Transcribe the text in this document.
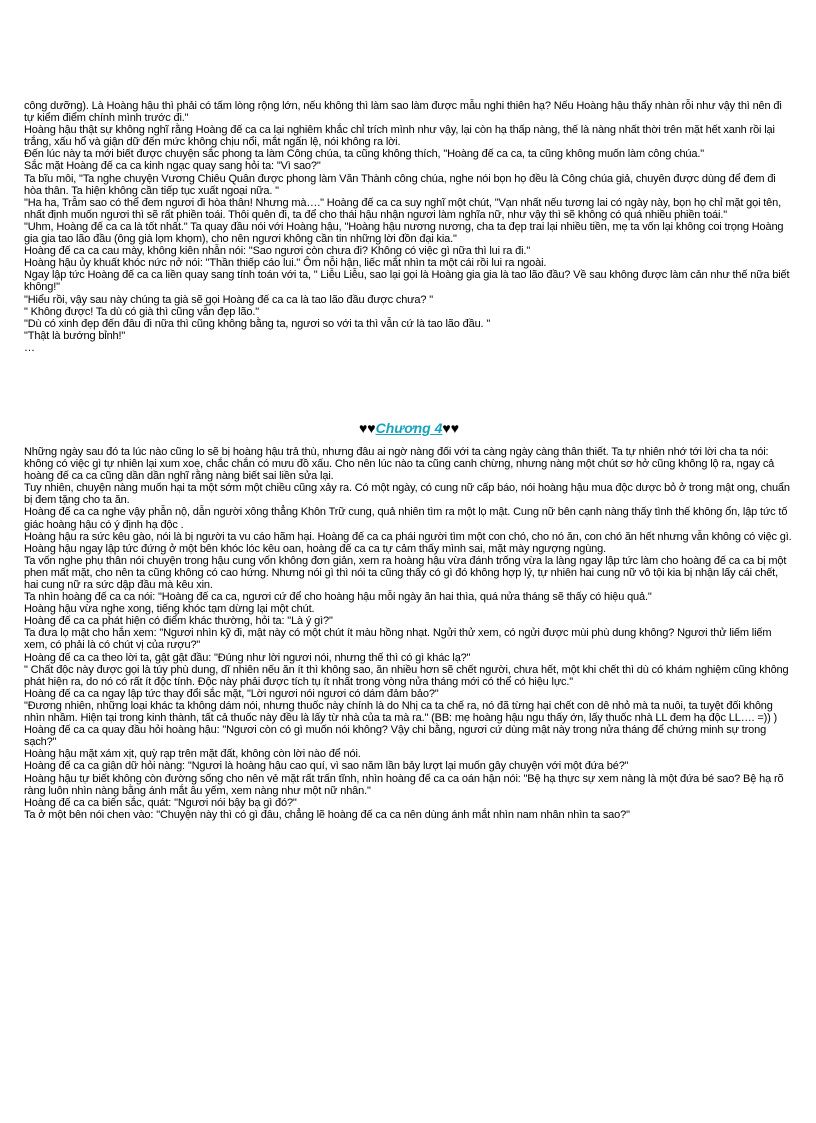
công dưỡng). Là Hoàng hậu thì phải có tấm lòng rộng lớn, nếu không thì làm sao làm được mẫu nghi thiên hạ? Nếu Hoàng hậu thấy nhàn rỗi như vậy thì nên đi tự kiểm điểm chính mình trước đi."

Hoàng hậu thật sự không nghĩ rằng Hoàng đế ca ca lại nghiêm khắc chỉ trích mình như vậy, lại còn hạ thấp nàng, thế là nàng nhất thời trên mặt hết xanh rồi lại trắng, xấu hổ và giận dữ đến mức không chịu nổi, mắt ngấn lệ, nói không ra lời.

Đến lúc này ta mới biết được chuyện sắc phong ta làm Công chúa, ta cũng không thích, "Hoàng đế ca ca, ta cũng không muốn làm công chúa."

Sắc mặt Hoàng đế ca ca kinh ngạc quay sang hỏi ta: "Vì sao?"

Ta bĩu môi, "Ta nghe chuyện Vương Chiêu Quân được phong làm Văn Thành công chúa, nghe nói bọn họ đều là Công chúa giả, chuyên được dùng để đem đi hòa thân. Ta hiện không cần tiếp tục xuất ngoại nữa. "

"Ha ha, Trẫm sao có thể đem ngươi đi hòa thân! Nhưng mà…." Hoàng đế ca ca suy nghĩ một chút, "Vạn nhất nếu tương lai có ngày này, bọn họ chỉ mặt gọi tên, nhất định muốn ngươi thì sẽ rất phiền toái. Thôi quên đi, ta để cho thái hậu nhận ngươi làm nghĩa nữ, như vậy thì sẽ không có quá nhiều phiền toái."

"Uhm, Hoàng đế ca ca là tốt nhất." Ta quay đầu nói với Hoàng hậu, "Hoàng hậu nương nương, cha ta đẹp trai lại nhiều tiền, mẹ ta vốn lại không coi trọng Hoàng gia gia tao lão đầu (ông già lọm khọm), cho nên ngươi không cần tin những lời đồn đại kia."

Hoàng đế ca ca cau mày, không kiên nhẫn nói: "Sao ngươi còn chưa đi? Không có việc gì nữa thì lui ra đi."

Hoàng hậu ủy khuất khóc nức nở nói: "Thần thiếp cáo lui." Ôm nỗi hận, liếc mắt nhìn ta một cái rồi lui ra ngoài.

Ngay lập tức Hoàng đế ca ca liền quay sang tính toán với ta, " Liễu Liễu, sao lại gọi là Hoàng gia gia là tao lão đầu? Về sau không được làm cản như thế nữa biết không!"

"Hiểu rồi, vậy sau này chúng ta già sẽ gọi Hoàng đế ca ca là tao lão đầu được chưa? "

" Không được! Ta dù có già thì cũng vẫn đẹp lão."

"Dù có xinh đẹp đến đâu đi nữa thì cũng không bằng ta, ngươi so với ta thì vẫn cứ là tao lão đầu. "

"Thật là bướng bỉnh!"

…

♥♥Chương 4♥♥

Những ngày sau đó ta lúc nào cũng lo sẽ bị hoàng hậu trả thù, nhưng đâu ai ngờ nàng đối với ta càng ngày càng thân thiết. Ta tự nhiên nhớ tới lời cha ta nói: không có việc gì tự nhiên lại xum xoe, chắc chắn có mưu đồ xấu. Cho nên lúc nào ta cũng canh chừng, nhưng nàng một chút sơ hở cũng không lộ ra, ngay cả hoàng đế ca ca cũng dần dần nghĩ rằng nàng biết sai liền sửa lại.

Tuy nhiên, chuyện nàng muốn hại ta một sớm một chiều cũng xảy ra. Có một ngày, có cung nữ cấp báo, nói hoàng hậu mua độc dược bỏ ở trong mật ong, chuẩn bị đem tặng cho ta ăn.

Hoàng đế ca ca nghe vậy phẫn nộ, dẫn người xông thẳng Khôn Trữ cung, quả nhiên tìm ra một lọ mật. Cung nữ bên cạnh nàng thấy tình thế không ổn, lập tức tố giác hoàng hậu có ý định hạ độc .

Hoàng hậu ra sức kêu gào, nói là bị người ta vu cáo hãm hại. Hoàng đế ca ca phái người tìm một con chó, cho nó ăn, con chó ăn hết nhưng vẫn không có việc gì.

Hoàng hậu ngay lập tức đứng ở một bên khóc lóc kêu oan, hoàng đế ca ca tự cảm thấy mình sai, mặt mày ngượng ngùng.

Ta vốn nghe phụ thân nói chuyện trong hậu cung vốn không đơn giản, xem ra hoàng hậu vừa đánh trống vừa la làng ngay lập tức làm cho hoàng đế ca ca bị một phen mất mặt, cho nên ta cũng không có cao hứng. Nhưng nói gì thì nói ta cũng thấy có gì đó không hợp lý, tự nhiên hai cung nữ vô tội kia bị nhận lấy cái chết, hai cung nữ ra sức dập đầu mà kêu xin.

Ta nhìn hoàng đế ca ca nói: "Hoàng đế ca ca, ngươi cứ để cho hoàng hậu mỗi ngày ăn hai thìa, quá nửa tháng sẽ thấy có hiệu quả."

Hoàng hậu vừa nghe xong, tiếng khóc tạm dừng lại một chút.

Hoàng đế ca ca phát hiện có điểm khác thường, hỏi ta: "Là ý gì?"

Ta đưa lọ mật cho hắn xem: "Ngươi nhìn kỹ đi, mật này có một chút ít màu hồng nhạt. Ngửi thử xem, có ngửi được mùi phù dung không? Ngươi thử liếm liếm xem, có phải là có chút vị của rượu?"

Hoàng đế ca ca theo lời ta, gật gật đầu: "Đúng như lời ngươi nói, nhưng thế thì có gì khác lạ?"

" Chất độc này được gọi là túy phù dung, dĩ nhiên nếu ăn ít thì không sao, ăn nhiều hơn sẽ chết người, chưa hết, một khi chết thì dù có khám nghiệm cũng không phát hiện ra, do nó có rất ít độc tính. Độc này phải được tích tụ ít nhất trong vòng nửa tháng mới có thể có hiệu lực."

Hoàng đế ca ca ngay lập tức thay đổi sắc mặt, "Lời ngươi nói ngươi có dám đảm bảo?"

"Đương nhiên, những loại khác ta không dám nói, nhưng thuốc này chính là do Nhị ca ta chế ra, nó đã từng hại chết con dê nhỏ mà ta nuôi, ta tuyệt đối không nhìn nhầm. Hiện tại trong kinh thành, tất cả thuốc này đều là lấy từ nhà của ta mà ra." (BB: mẹ hoàng hậu ngu thấy ớn, lấy thuốc nhà LL đem hạ độc LL…. =)) )

Hoàng đế ca ca quay đầu hỏi hoàng hậu: "Ngươi còn có gì muốn nói không? Vậy chi bằng, ngươi cứ dùng mật này trong nửa tháng để chứng minh sự trong sạch?"

Hoàng hậu mặt xám xịt, quỳ rạp trên mặt đất, không còn lời nào để nói.

Hoàng đế ca ca giận dữ hỏi nàng: "Ngươi là hoàng hậu cao quí, vì sao năm lần bảy lượt lại muốn gây chuyện với một đứa bé?"

Hoàng hậu tự biết không còn đường sống cho nên vẻ mặt rất trấn tĩnh, nhìn hoàng đế ca ca oán hận nói: "Bệ hạ thực sự xem nàng là một đứa bé sao? Bệ hạ rõ ràng luôn nhìn nàng bằng ánh mắt âu yếm, xem nàng như một nữ nhân."

Hoàng đế ca ca biến sắc, quát: "Ngươi nói bậy bạ gì đó?"

Ta ở một bên nói chen vào: "Chuyện này thì có gì đâu, chẳng lẽ hoàng đế ca ca nên dùng ánh mắt nhìn nam nhân nhìn ta sao?"
